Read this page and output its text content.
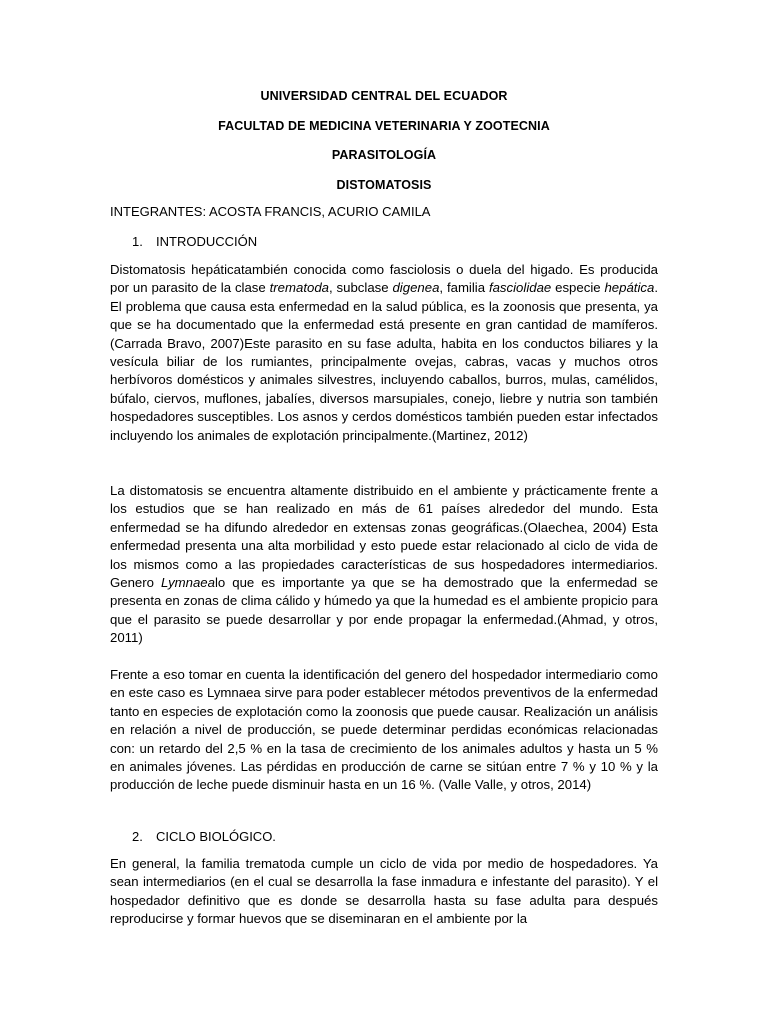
UNIVERSIDAD CENTRAL DEL ECUADOR
FACULTAD DE MEDICINA VETERINARIA Y ZOOTECNIA
PARASITOLOGÍA
DISTOMATOSIS
INTEGRANTES: ACOSTA FRANCIS, ACURIO CAMILA
1. INTRODUCCIÓN

Distomatosis hepáticatambién conocida como fasciolosis o duela del higado. Es producida por un parasito de la clase trematoda, subclase digenea, familia fasciolidae especie hepática. El problema que causa esta enfermedad en la salud pública, es la zoonosis que presenta, ya que se ha documentado que la enfermedad está presente en gran cantidad de mamíferos. (Carrada Bravo, 2007)Este parasito en su fase adulta, habita en los conductos biliares y la vesícula biliar de los rumiantes, principalmente ovejas, cabras, vacas y muchos otros herbívoros domésticos y animales silvestres, incluyendo caballos, burros, mulas, camélidos, búfalo, ciervos, muflones, jabalíes, diversos marsupiales, conejo, liebre y nutria son también hospedadores susceptibles. Los asnos y cerdos domésticos también pueden estar infectados incluyendo los animales de explotación principalmente.(Martinez, 2012)

La distomatosis se encuentra altamente distribuido en el ambiente y prácticamente frente a los estudios que se han realizado en más de 61 países alrededor del mundo. Esta enfermedad se ha difundo alrededor en extensas zonas geográficas.(Olaechea, 2004) Esta enfermedad presenta una alta morbilidad y esto puede estar relacionado al ciclo de vida de los mismos como a las propiedades características de sus hospedadores intermediarios. Genero Lymnaealo que es importante ya que se ha demostrado que la enfermedad se presenta en zonas de clima cálido y húmedo ya que la humedad es el ambiente propicio para que el parasito se puede desarrollar y por ende propagar la enfermedad.(Ahmad, y otros, 2011)

Frente a eso tomar en cuenta la identificación del genero del hospedador intermediario como en este caso es Lymnaea sirve para poder establecer métodos preventivos de la enfermedad tanto en especies de explotación como la zoonosis que puede causar. Realización un análisis en relación a nivel de producción, se puede determinar perdidas económicas relacionadas con: un retardo del 2,5 % en la tasa de crecimiento de los animales adultos y hasta un 5 % en animales jóvenes. Las pérdidas en producción de carne se sitúan entre 7 % y 10 % y la producción de leche puede disminuir hasta en un 16 %. (Valle Valle, y otros, 2014)

2. CICLO BIOLÓGICO.

En general, la familia trematoda cumple un ciclo de vida por medio de hospedadores. Ya sean intermediarios (en el cual se desarrolla la fase inmadura e infestante del parasito). Y el hospedador definitivo que es donde se desarrolla hasta su fase adulta para después reproducirse y formar huevos que se diseminaran en el ambiente por la
